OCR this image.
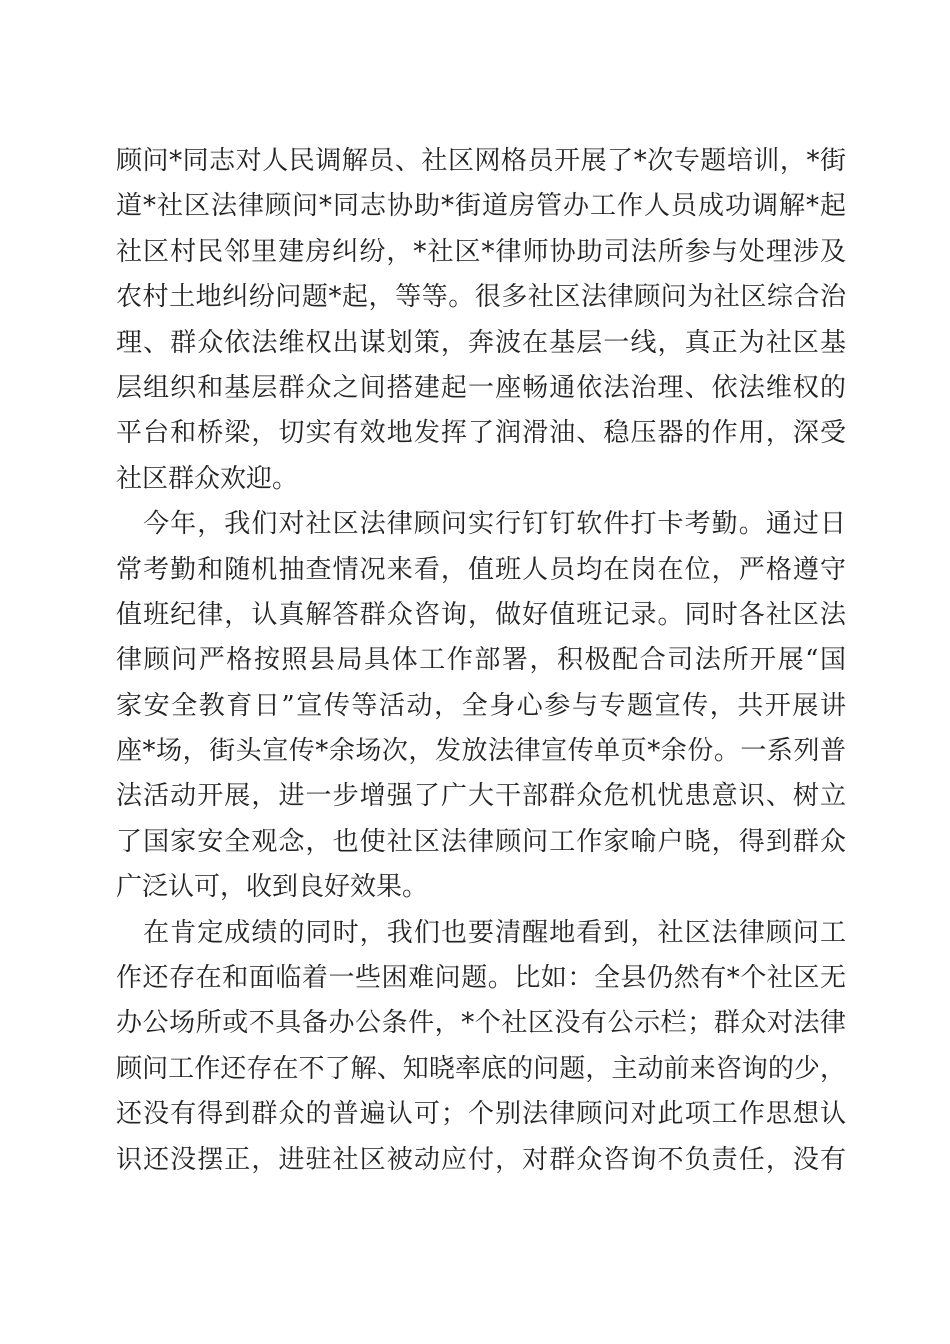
顾问*同志对人民调解员、社区网格员开展了*次专题培训，*街
道*社区法律顾问*同志协助*街道房管办工作人员成功调解*起
社区村民邻里建房纠纷，*社区*律师协助司法所参与处理涉及
农村土地纠纷问题*起，等等。很多社区法律顾问为社区综合治
理、群众依法维权出谋划策，奔波在基层一线，真正为社区基
层组织和基层群众之间搭建起一座畅通依法治理、依法维权的
平台和桥梁，切实有效地发挥了润滑油、稳压器的作用，深受
社区群众欢迎。
　今年，我们对社区法律顾问实行钉钉软件打卡考勤。通过日
常考勤和随机抽查情况来看，值班人员均在岗在位，严格遵守
值班纪律，认真解答群众咨询，做好值班记录。同时各社区法
律顾问严格按照县局具体工作部署，积极配合司法所开展“国
家安全教育日”宣传等活动，全身心参与专题宣传，共开展讲
座*场，街头宣传*余场次，发放法律宣传单页*余份。一系列普
法活动开展，进一步增强了广大干部群众危机忧患意识、树立
了国家安全观念，也使社区法律顾问工作家喻户晓，得到群众
广泛认可，收到良好效果。
　在肯定成绩的同时，我们也要清醒地看到，社区法律顾问工
作还存在和面临着一些困难问题。比如：全县仍然有*个社区无
办公场所或不具备办公条件，*个社区没有公示栏；群众对法律
顾问工作还存在不了解、知晓率底的问题，主动前来咨询的少，
还没有得到群众的普遍认可；个别法律顾问对此项工作思想认
识还没摆正，进驻社区被动应付，对群众咨询不负责任，没有
